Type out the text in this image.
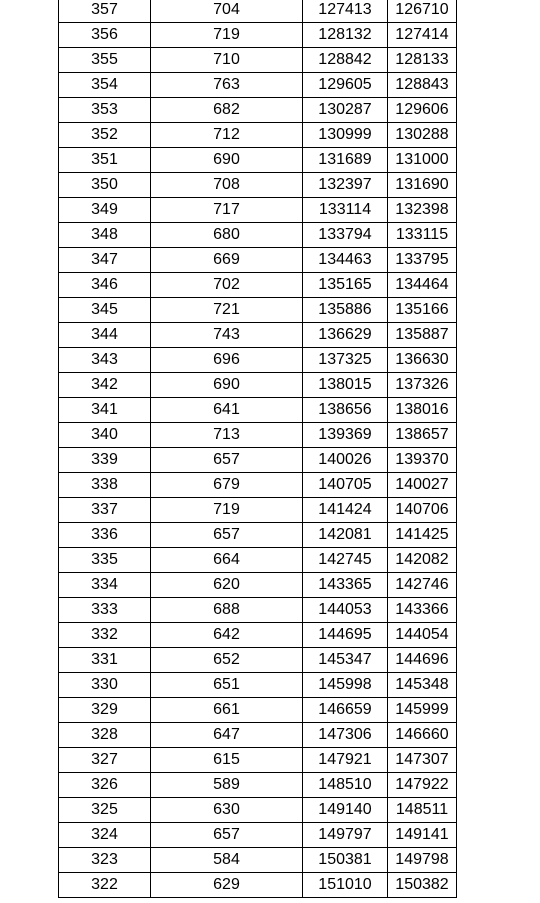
357	704	127413	126710
356	719	128132	127414
355	710	128842	128133
354	763	129605	128843
353	682	130287	129606
352	712	130999	130288
351	690	131689	131000
350	708	132397	131690
349	717	133114	132398
348	680	133794	133115
347	669	134463	133795
346	702	135165	134464
345	721	135886	135166
344	743	136629	135887
343	696	137325	136630
342	690	138015	137326
341	641	138656	138016
340	713	139369	138657
339	657	140026	139370
338	679	140705	140027
337	719	141424	140706
336	657	142081	141425
335	664	142745	142082
334	620	143365	142746
333	688	144053	143366
332	642	144695	144054
331	652	145347	144696
330	651	145998	145348
329	661	146659	145999
328	647	147306	146660
327	615	147921	147307
326	589	148510	147922
325	630	149140	148511
324	657	149797	149141
323	584	150381	149798
322	629	151010	150382
